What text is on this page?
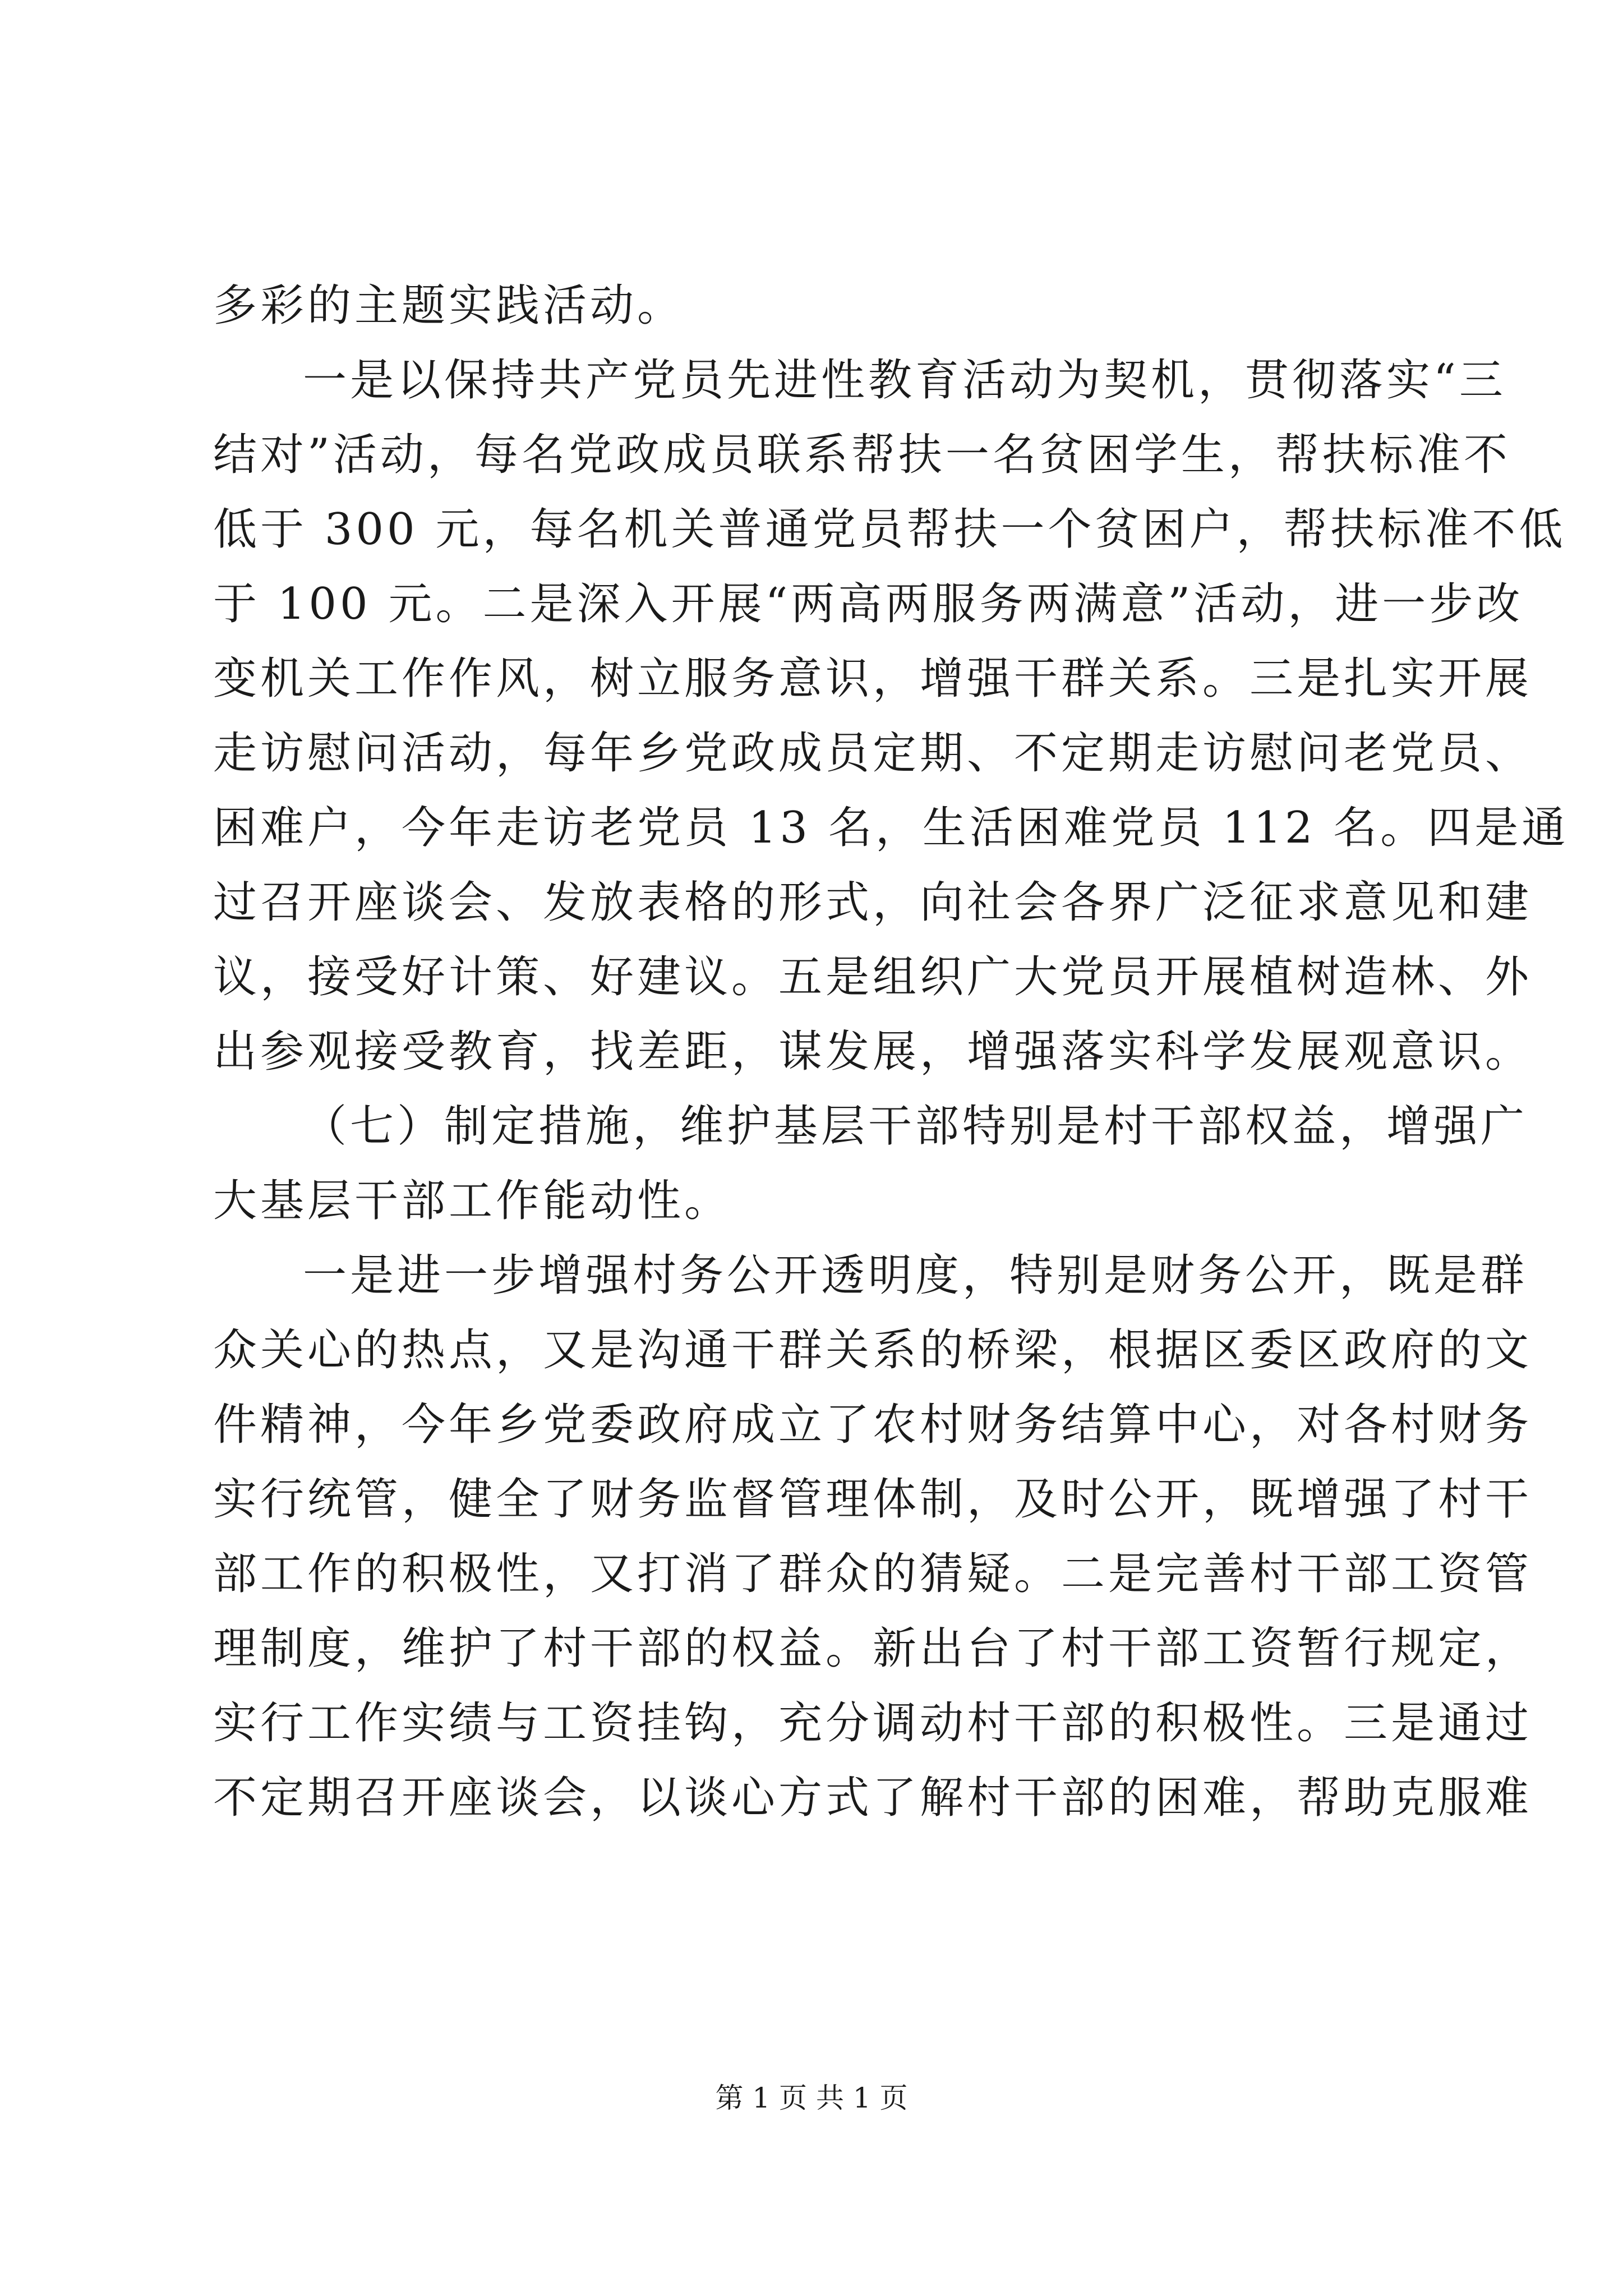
多彩的主题实践活动。
一是以保持共产党员先进性教育活动为契机，贯彻落实“三
结对”活动，每名党政成员联系帮扶一名贫困学生，帮扶标准不
低于 300 元，每名机关普通党员帮扶一个贫困户，帮扶标准不低
于 100 元。二是深入开展“两高两服务两满意”活动，进一步改
变机关工作作风，树立服务意识，增强干群关系。三是扎实开展
走访慰问活动，每年乡党政成员定期、不定期走访慰问老党员、
困难户，今年走访老党员 13 名，生活困难党员 112 名。四是通
过召开座谈会、发放表格的形式，向社会各界广泛征求意见和建
议，接受好计策、好建议。五是组织广大党员开展植树造林、外
出参观接受教育，找差距，谋发展，增强落实科学发展观意识。
（七）制定措施，维护基层干部特别是村干部权益，增强广
大基层干部工作能动性。
一是进一步增强村务公开透明度，特别是财务公开，既是群
众关心的热点，又是沟通干群关系的桥梁，根据区委区政府的文
件精神，今年乡党委政府成立了农村财务结算中心，对各村财务
实行统管，健全了财务监督管理体制，及时公开，既增强了村干
部工作的积极性，又打消了群众的猜疑。二是完善村干部工资管
理制度，维护了村干部的权益。新出台了村干部工资暂行规定，
实行工作实绩与工资挂钩，充分调动村干部的积极性。三是通过
不定期召开座谈会，以谈心方式了解村干部的困难，帮助克服难
第 1 页 共 1 页
